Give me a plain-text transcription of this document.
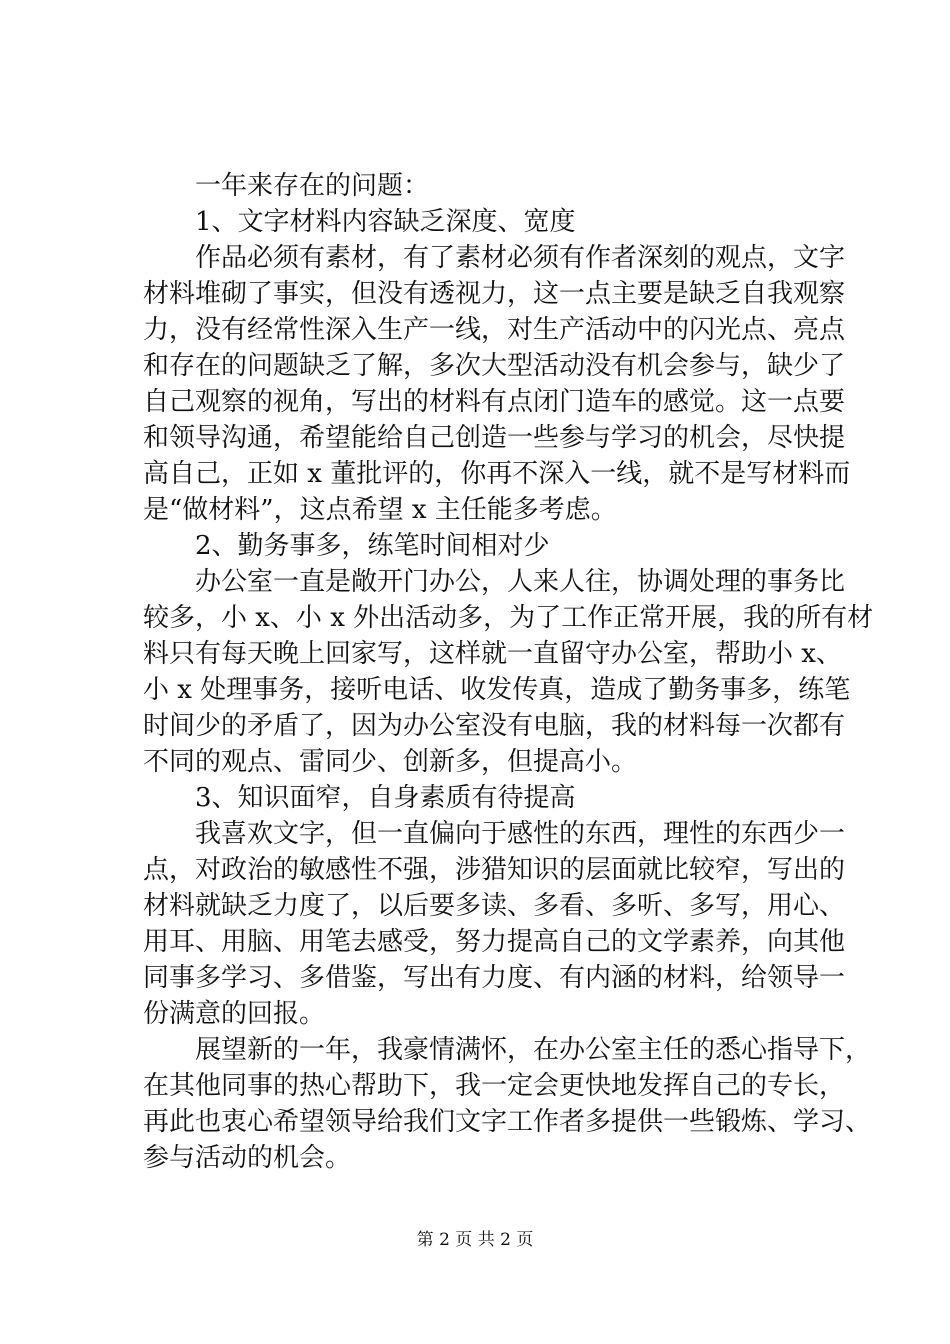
　　一年来存在的问题：
　　1、文字材料内容缺乏深度、宽度
　　作品必须有素材，有了素材必须有作者深刻的观点，文字
材料堆砌了事实，但没有透视力，这一点主要是缺乏自我观察
力，没有经常性深入生产一线，对生产活动中的闪光点、亮点
和存在的问题缺乏了解，多次大型活动没有机会参与，缺少了
自己观察的视角，写出的材料有点闭门造车的感觉。这一点要
和领导沟通，希望能给自己创造一些参与学习的机会，尽快提
高自己，正如 x 董批评的，你再不深入一线，就不是写材料而
是“做材料”，这点希望 x 主任能多考虑。
　　2、勤务事多，练笔时间相对少
　　办公室一直是敞开门办公，人来人往，协调处理的事务比
较多，小 x、小 x 外出活动多，为了工作正常开展，我的所有材
料只有每天晚上回家写，这样就一直留守办公室，帮助小 x、
小 x 处理事务，接听电话、收发传真，造成了勤务事多，练笔
时间少的矛盾了，因为办公室没有电脑，我的材料每一次都有
不同的观点、雷同少、创新多，但提高小。
　　3、知识面窄，自身素质有待提高
　　我喜欢文字，但一直偏向于感性的东西，理性的东西少一
点，对政治的敏感性不强，涉猎知识的层面就比较窄，写出的
材料就缺乏力度了，以后要多读、多看、多听、多写，用心、
用耳、用脑、用笔去感受，努力提高自己的文学素养，向其他
同事多学习、多借鉴，写出有力度、有内涵的材料，给领导一
份满意的回报。
　　展望新的一年，我豪情满怀，在办公室主任的悉心指导下，
在其他同事的热心帮助下，我一定会更快地发挥自己的专长，
再此也衷心希望领导给我们文字工作者多提供一些锻炼、学习、
参与活动的机会。
第 2 页 共 2 页
